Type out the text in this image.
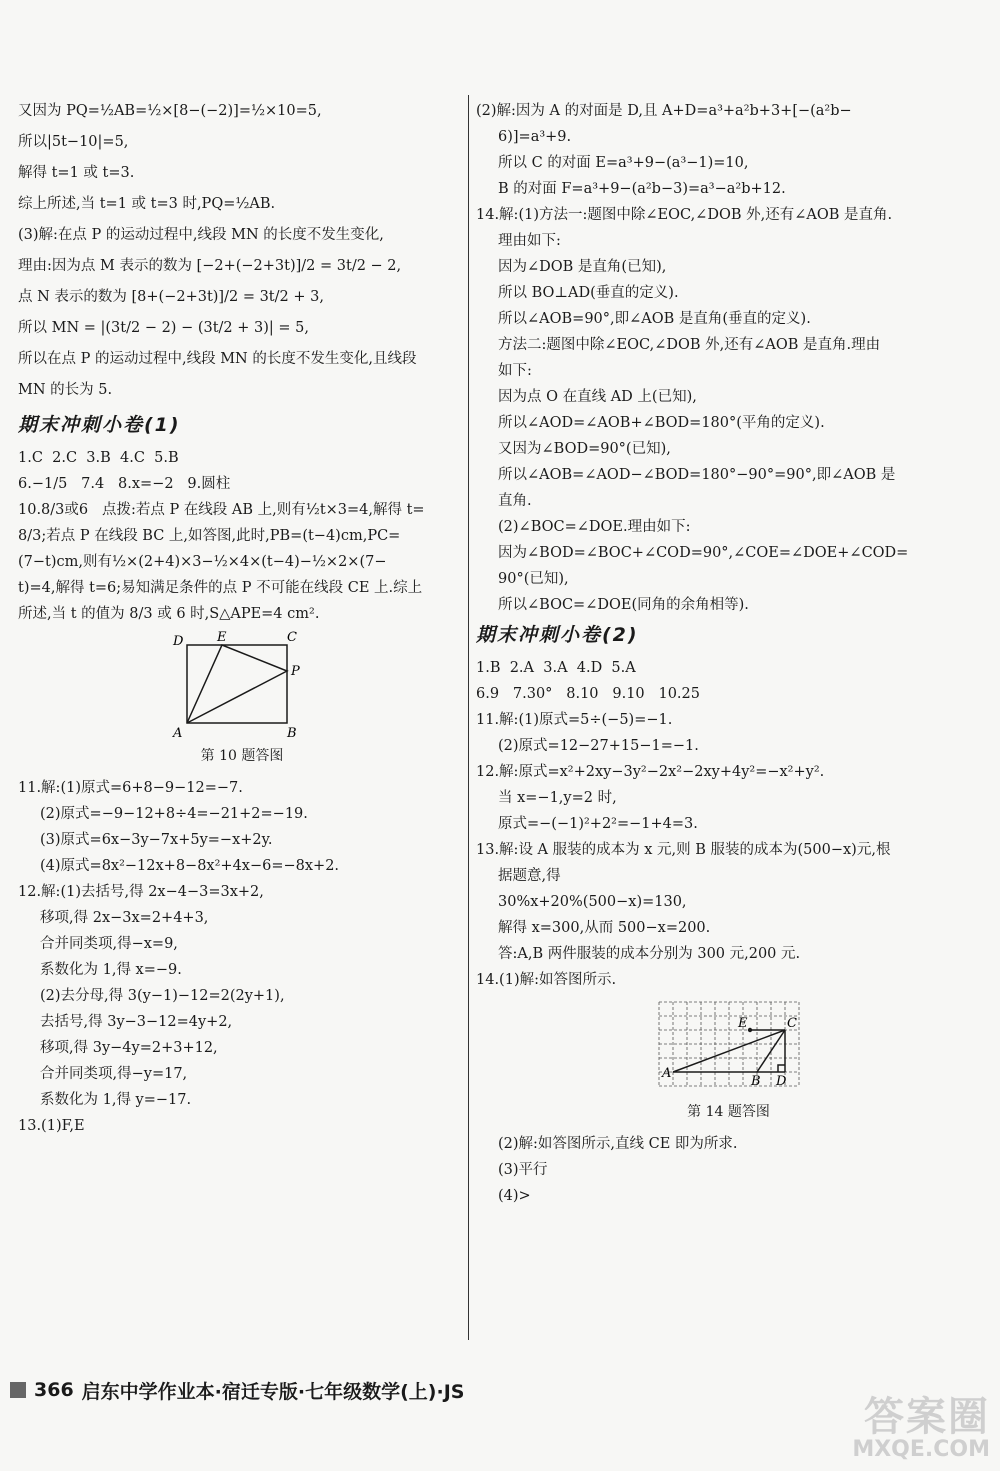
又因为 PQ=½AB=½×[8−(−2)]=½×10=5,
所以|5t−10|=5,
解得 t=1 或 t=3.
综上所述,当 t=1 或 t=3 时,PQ=½AB.
(3)解:在点 P 的运动过程中,线段 MN 的长度不发生变化,
理由:因为点 M 表示的数为 [−2+(−2+3t)]/2 = 3t/2 − 2,
点 N 表示的数为 [8+(−2+3t)]/2 = 3t/2 + 3,
所以 MN = |(3t/2 − 2) − (3t/2 + 3)| = 5,
所以在点 P 的运动过程中,线段 MN 的长度不发生变化,且线段
MN 的长为 5.
期末冲刺小卷(1)
1.C  2.C  3.B  4.C  5.B
6.−1/5   7.4   8.x=−2   9.圆柱
10.8/3或6   点拨:若点 P 在线段 AB 上,则有½t×3=4,解得 t=
8/3;若点 P 在线段 BC 上,如答图,此时,PB=(t−4)cm,PC=
(7−t)cm,则有½×(2+4)×3−½×4×(t−4)−½×2×(7−
t)=4,解得 t=6;易知满足条件的点 P 不可能在线段 CE 上.综上
所述,当 t 的值为 8/3 或 6 时,S△APE=4 cm².
D	E	C
P
A	B
第 10 题答图
11.解:(1)原式=6+8−9−12=−7.
(2)原式=−9−12+8÷4=−21+2=−19.
(3)原式=6x−3y−7x+5y=−x+2y.
(4)原式=8x²−12x+8−8x²+4x−6=−8x+2.
12.解:(1)去括号,得 2x−4−3=3x+2,
移项,得 2x−3x=2+4+3,
合并同类项,得−x=9,
系数化为 1,得 x=−9.
(2)去分母,得 3(y−1)−12=2(2y+1),
去括号,得 3y−3−12=4y+2,
移项,得 3y−4y=2+3+12,
合并同类项,得−y=17,
系数化为 1,得 y=−17.
13.(1)F,E
(2)解:因为 A 的对面是 D,且 A+D=a³+a²b+3+[−(a²b−
6)]=a³+9.
所以 C 的对面 E=a³+9−(a³−1)=10,
B 的对面 F=a³+9−(a²b−3)=a³−a²b+12.
14.解:(1)方法一:题图中除∠EOC,∠DOB 外,还有∠AOB 是直角.
理由如下:
因为∠DOB 是直角(已知),
所以 BO⊥AD(垂直的定义).
所以∠AOB=90°,即∠AOB 是直角(垂直的定义).
方法二:题图中除∠EOC,∠DOB 外,还有∠AOB 是直角.理由
如下:
因为点 O 在直线 AD 上(已知),
所以∠AOD=∠AOB+∠BOD=180°(平角的定义).
又因为∠BOD=90°(已知),
所以∠AOB=∠AOD−∠BOD=180°−90°=90°,即∠AOB 是
直角.
(2)∠BOC=∠DOE.理由如下:
因为∠BOD=∠BOC+∠COD=90°,∠COE=∠DOE+∠COD=
90°(已知),
所以∠BOC=∠DOE(同角的余角相等).
期末冲刺小卷(2)
1.B  2.A  3.A  4.D  5.A
6.9   7.30°   8.10   9.10   10.25
11.解:(1)原式=5÷(−5)=−1.
(2)原式=12−27+15−1=−1.
12.解:原式=x²+2xy−3y²−2x²−2xy+4y²=−x²+y².
当 x=−1,y=2 时,
原式=−(−1)²+2²=−1+4=3.
13.解:设 A 服装的成本为 x 元,则 B 服装的成本为(500−x)元,根
据题意,得
30%x+20%(500−x)=130,
解得 x=300,从而 500−x=200.
答:A,B 两件服装的成本分别为 300 元,200 元.
14.(1)解:如答图所示.
E	C
A
B D
第 14 题答图
(2)解:如答图所示,直线 CE 即为所求.
(3)平行
(4)>
366 启东中学作业本·宿迁专版·七年级数学(上)·JS
答案圈
MXQE.COM
